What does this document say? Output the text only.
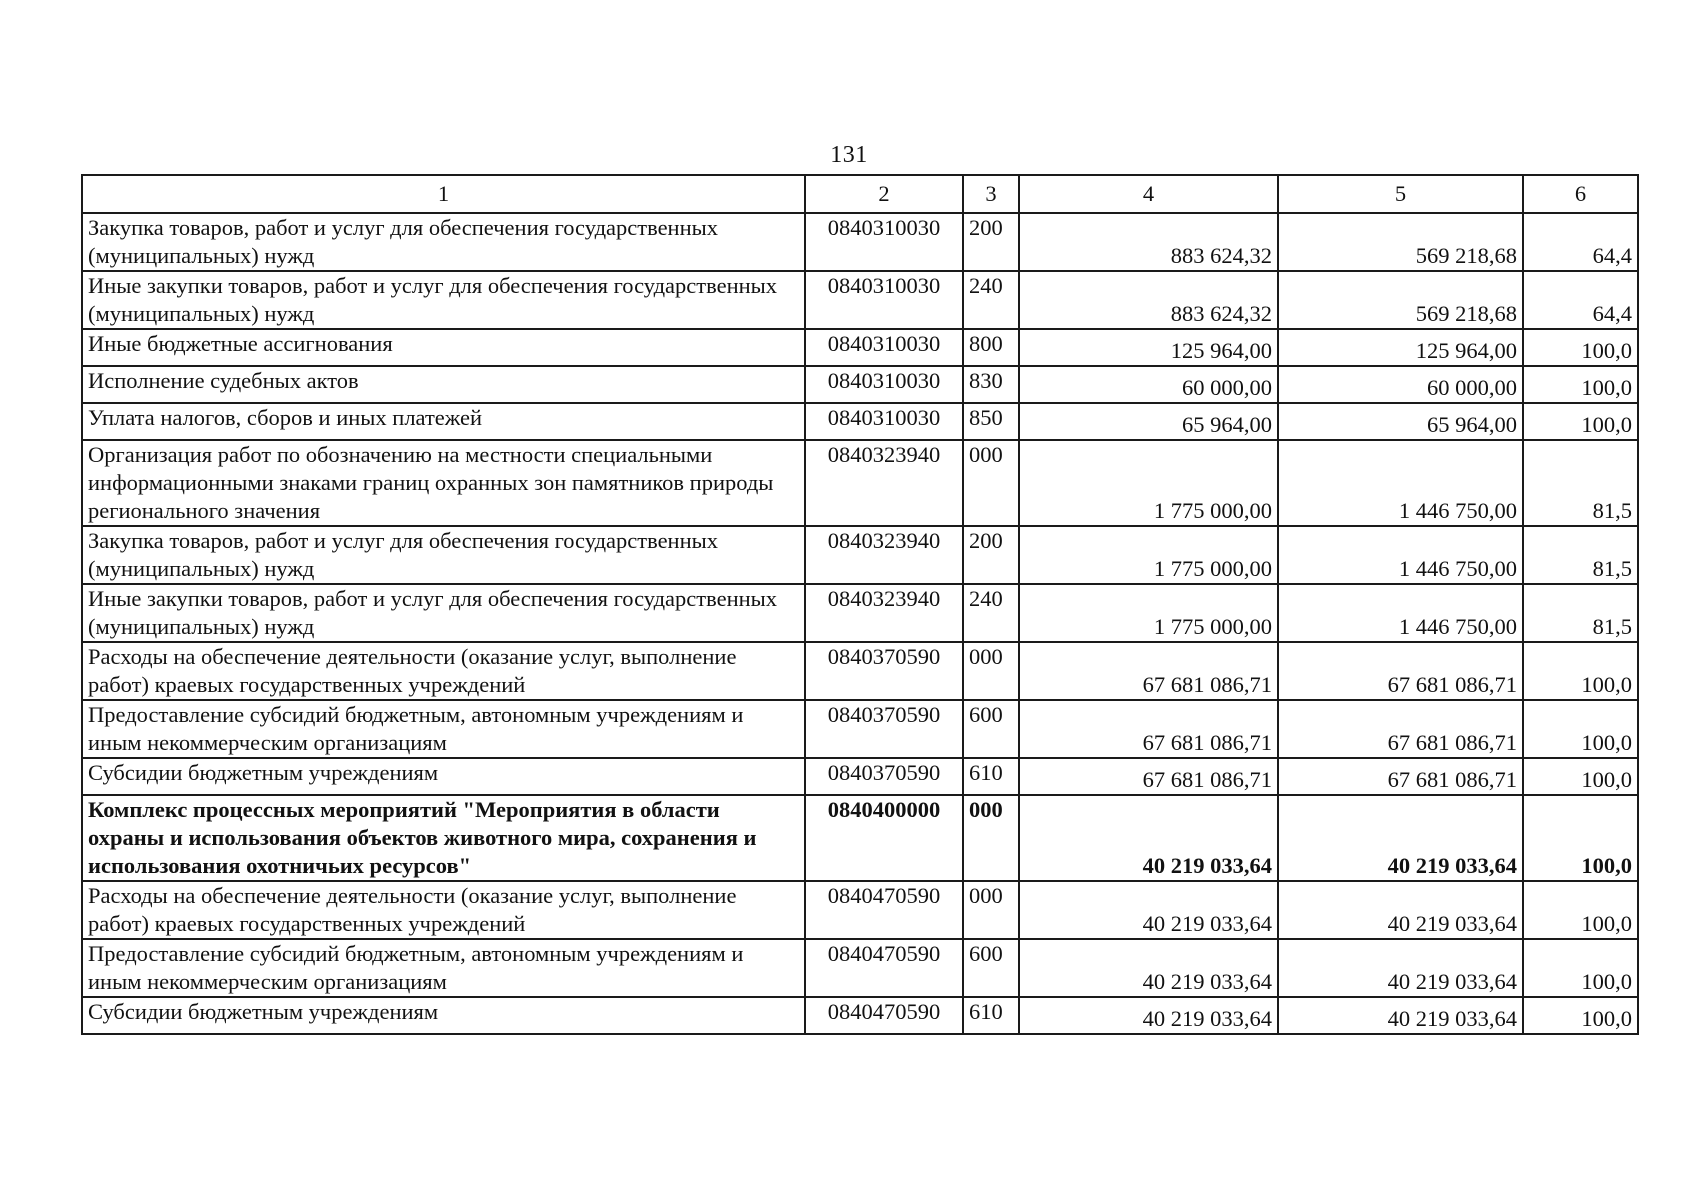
131
1	2	3	4	5	6
Закупка товаров, работ и услуг для обеспечения государственных (муниципальных) нужд	0840310030	200	883 624,32	569 218,68	64,4
Иные закупки товаров, работ и услуг для обеспечения государственных (муниципальных) нужд	0840310030	240	883 624,32	569 218,68	64,4
Иные бюджетные ассигнования	0840310030	800	125 964,00	125 964,00	100,0
Исполнение судебных актов	0840310030	830	60 000,00	60 000,00	100,0
Уплата налогов, сборов и иных платежей	0840310030	850	65 964,00	65 964,00	100,0
Организация работ по обозначению на местности специальными информационными знаками границ охранных зон памятников природы регионального значения	0840323940	000	1 775 000,00	1 446 750,00	81,5
Закупка товаров, работ и услуг для обеспечения государственных (муниципальных) нужд	0840323940	200	1 775 000,00	1 446 750,00	81,5
Иные закупки товаров, работ и услуг для обеспечения государственных (муниципальных) нужд	0840323940	240	1 775 000,00	1 446 750,00	81,5
Расходы на обеспечение деятельности (оказание услуг, выполнение работ) краевых государственных учреждений	0840370590	000	67 681 086,71	67 681 086,71	100,0
Предоставление субсидий бюджетным, автономным учреждениям и иным некоммерческим организациям	0840370590	600	67 681 086,71	67 681 086,71	100,0
Субсидии бюджетным учреждениям	0840370590	610	67 681 086,71	67 681 086,71	100,0
Комплекс процессных мероприятий "Мероприятия в области охраны и использования объектов животного мира, сохранения и использования охотничьих ресурсов"	0840400000	000	40 219 033,64	40 219 033,64	100,0
Расходы на обеспечение деятельности (оказание услуг, выполнение работ) краевых государственных учреждений	0840470590	000	40 219 033,64	40 219 033,64	100,0
Предоставление субсидий бюджетным, автономным учреждениям и иным некоммерческим организациям	0840470590	600	40 219 033,64	40 219 033,64	100,0
Субсидии бюджетным учреждениям	0840470590	610	40 219 033,64	40 219 033,64	100,0
